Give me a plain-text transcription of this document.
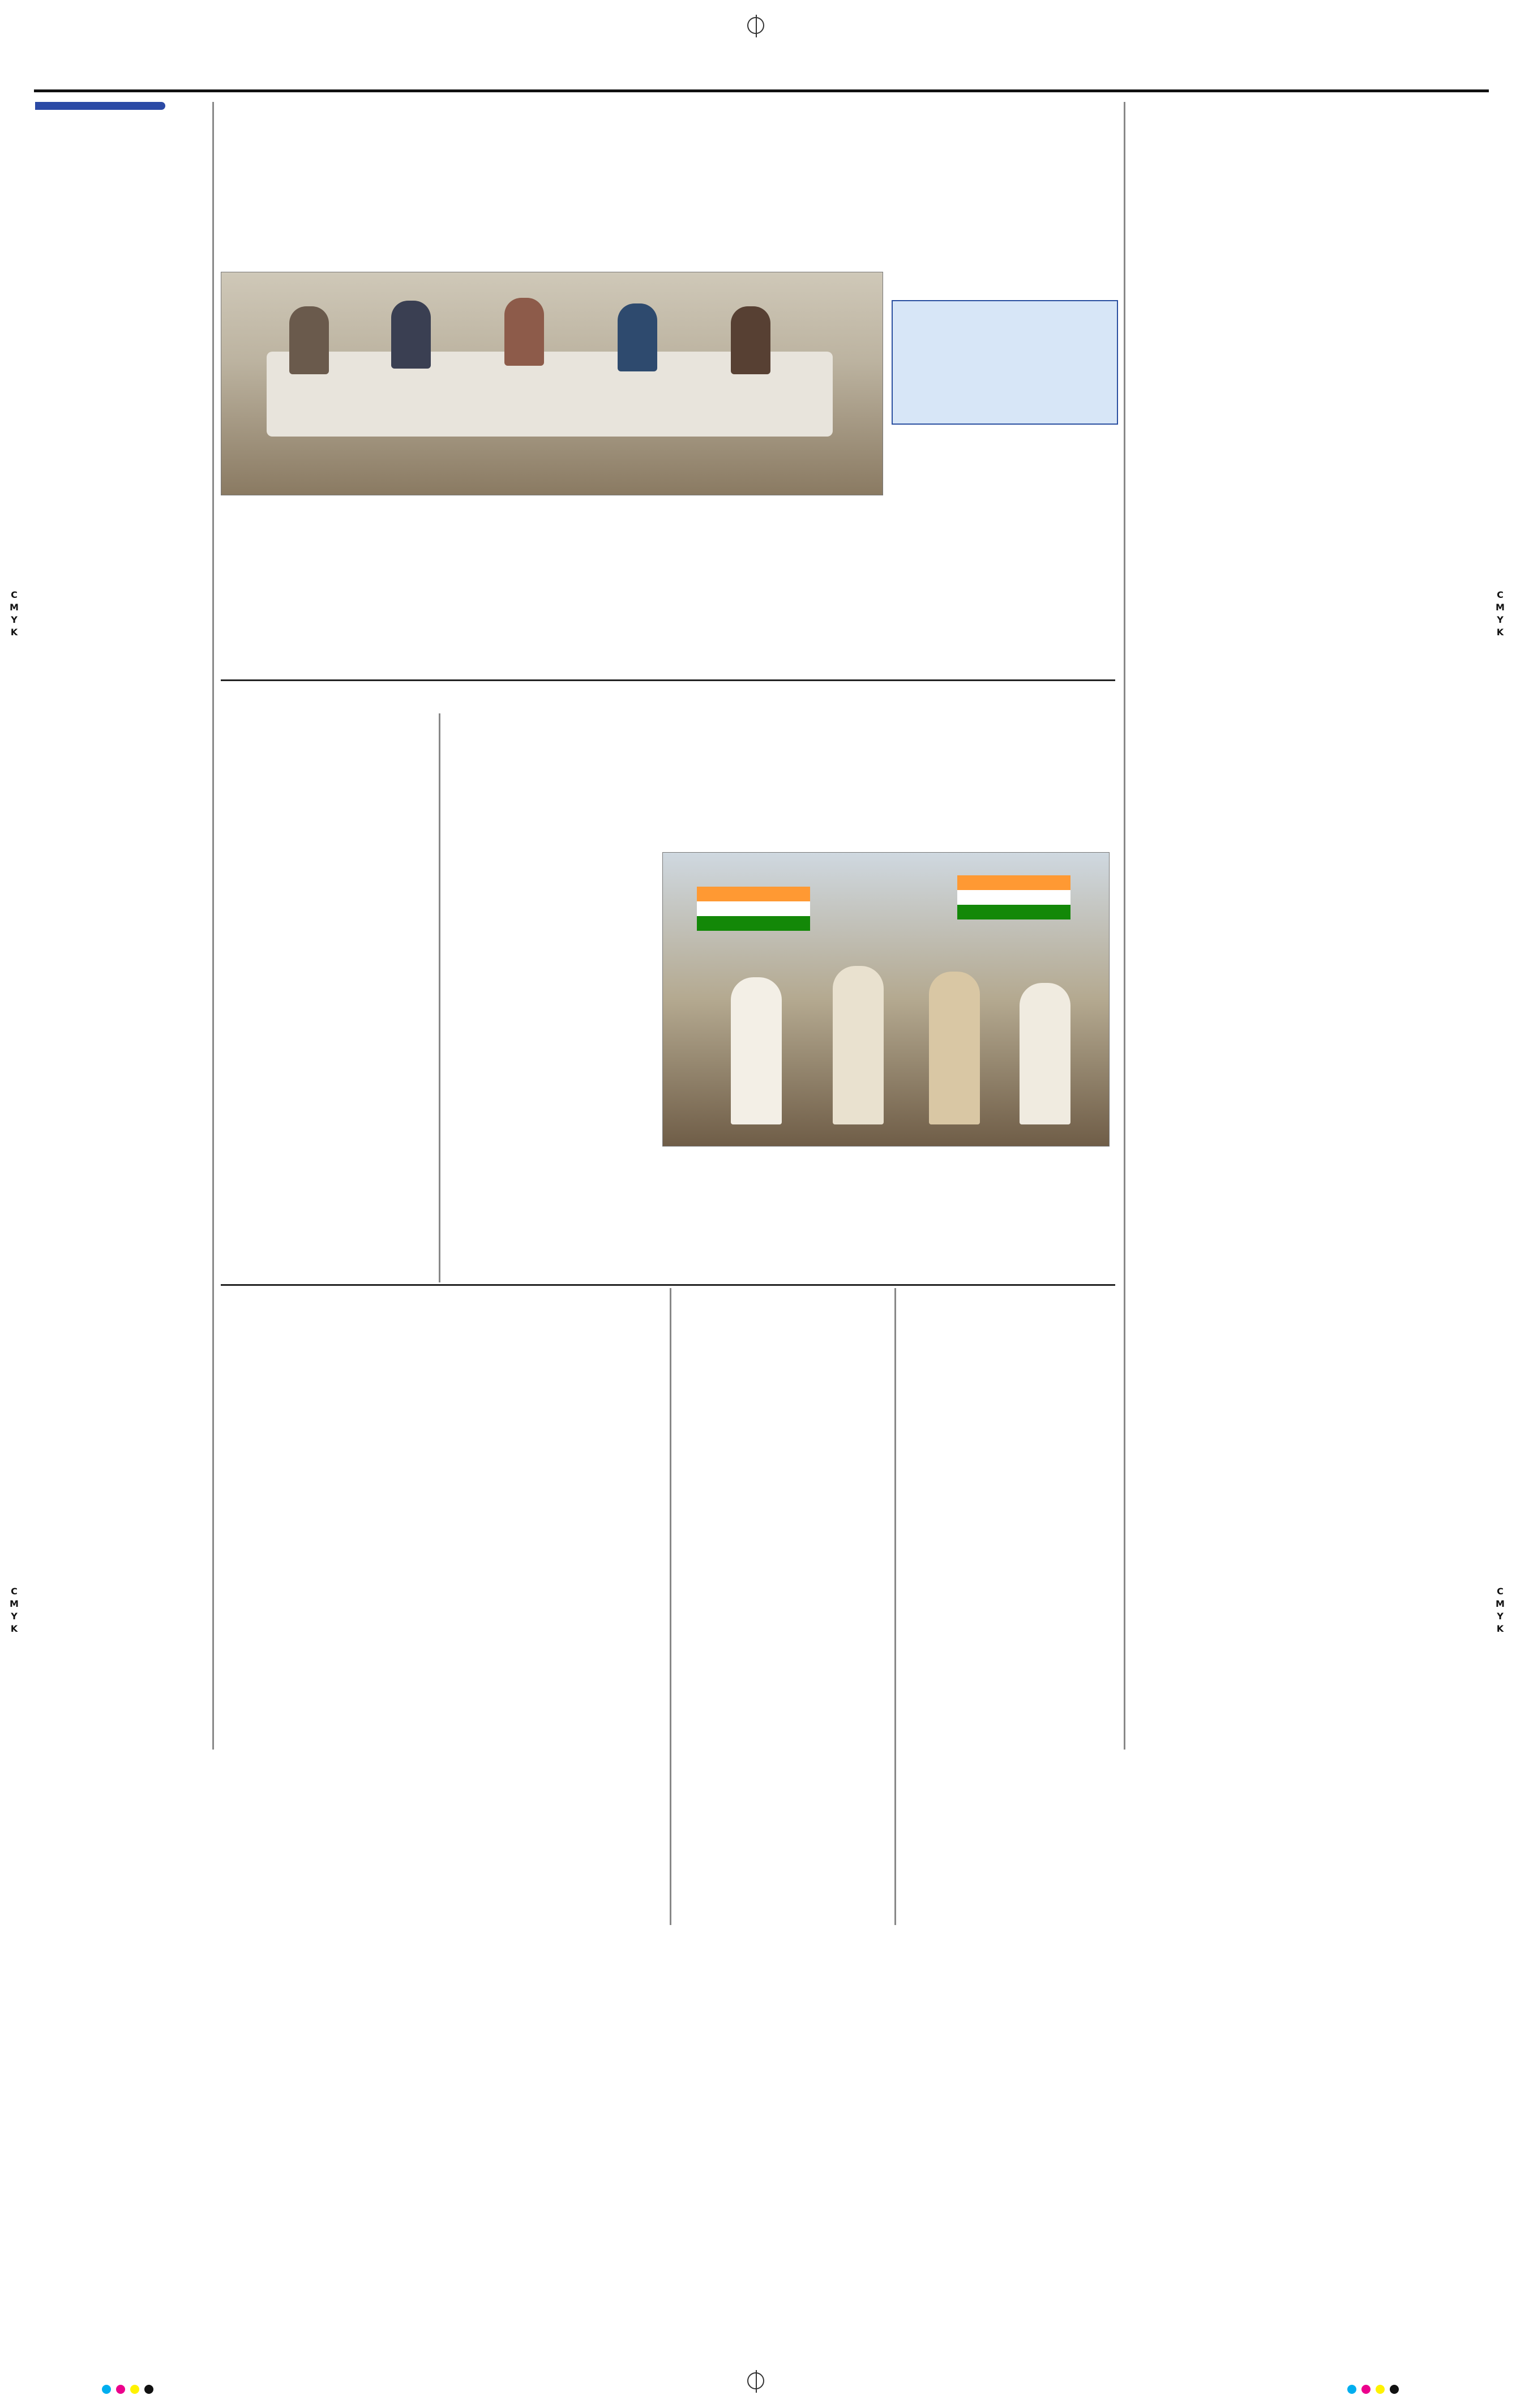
C
M
Y
K
C
M
Y
K
C
M
Y
K
C
M
Y
K
